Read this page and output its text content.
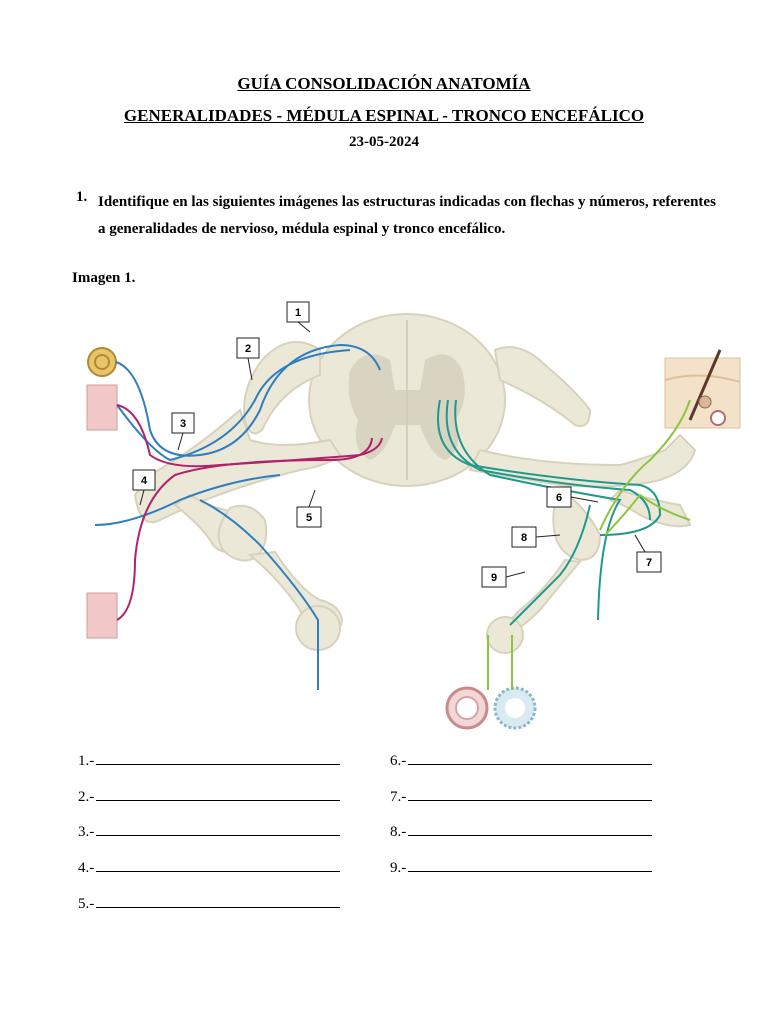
GUÍA CONSOLIDACIÓN ANATOMÍA
GENERALIDADES - MÉDULA ESPINAL - TRONCO ENCEFÁLICO
23-05-2024
1. Identifique en las siguientes imágenes las estructuras indicadas con flechas y números, referentes a generalidades de nervioso, médula espinal y tronco encefálico.
Imagen 1.
1
2
3
4
5
6
7
8
9
1.-
2.-
3.-
4.-
5.-
6.-
7.-
8.-
9.-
